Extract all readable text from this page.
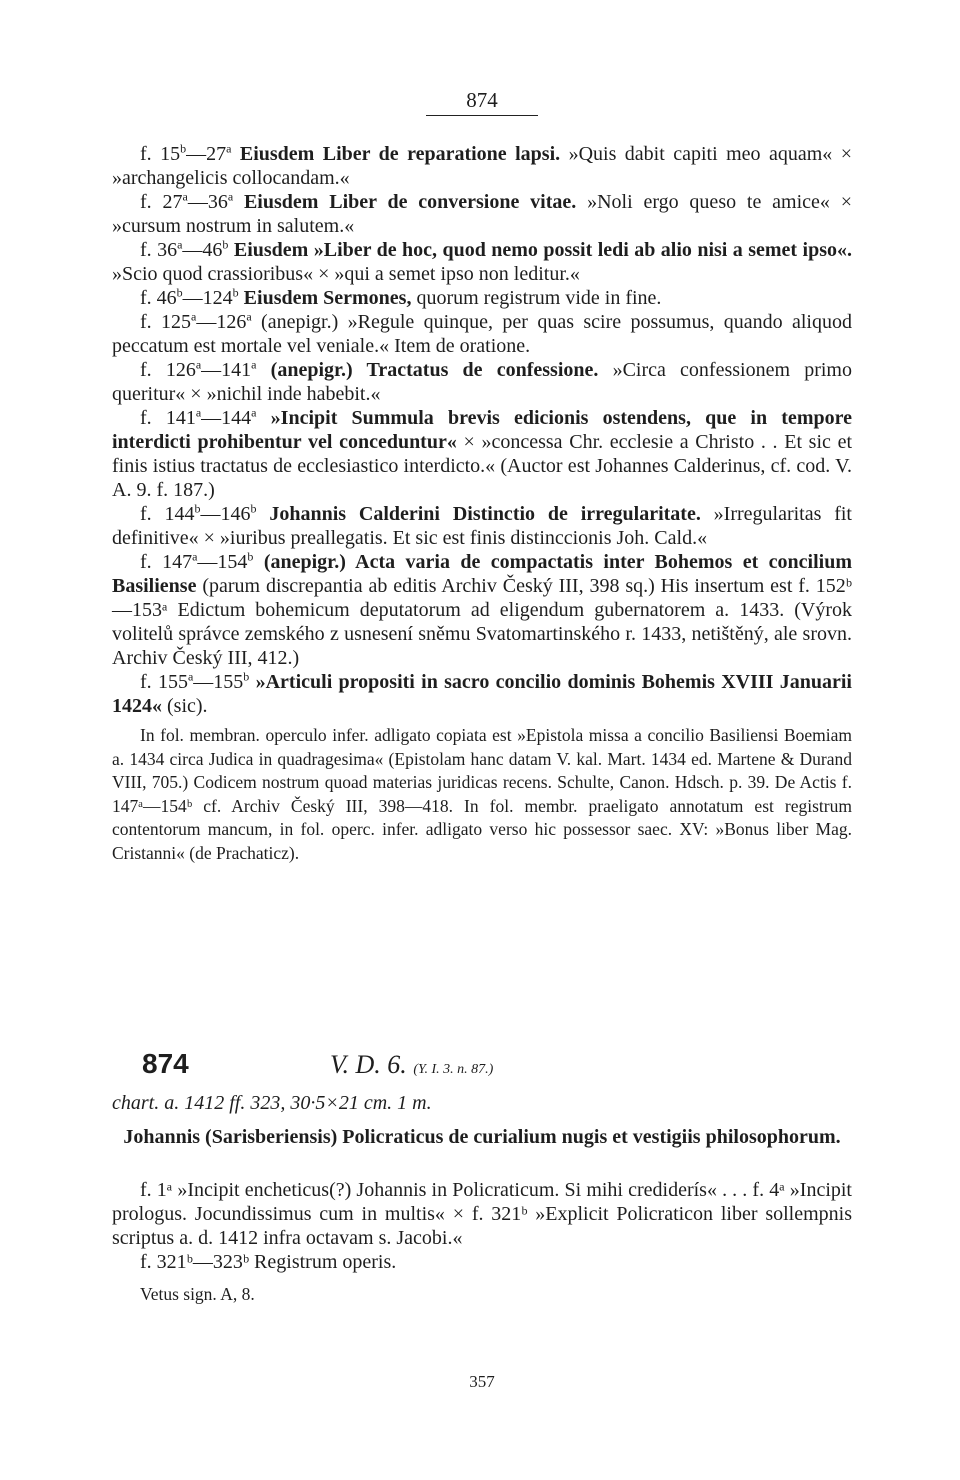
874

f. 15$^b$—27$^a$ Eiusdem Liber de reparatione lapsi. »Quis dabit capiti meo aquam« × »archangelicis collocandam.«

f. 27$^a$—36$^a$ Eiusdem Liber de conversione vitae. »Noli ergo queso te amice« × »cursum nostrum in salutem.«

f. 36$^a$—46$^b$ Eiusdem »Liber de hoc, quod nemo possit ledi ab alio nisi a semet ipso«. »Scio quod crassioribus« × »qui a semet ipso non leditur.«

f. 46$^b$—124$^b$ Eiusdem Sermones, quorum registrum vide in fine.

f. 125$^a$—126$^a$ (anepigr.) »Regule quinque, per quas scire possumus, quando aliquod peccatum est mortale vel veniale.« Item de oratione.

f. 126$^a$—141$^a$ (anepigr.) Tractatus de confessione. »Circa confessionem primo queritur« × »nichil inde habebit.«

f. 141$^a$—144$^a$ »Incipit Summula brevis edicionis ostendens, que in tempore interdicti prohibentur vel conceduntur« × »concessa Chr. ecclesie a Christo . . Et sic et finis istius tractatus de ecclesiastico interdicto.« (Auctor est Johannes Calderinus, cf. cod. V. A. 9. f. 187.)

f. 144$^b$—146$^b$ Johannis Calderini Distinctio de irregularitate. »Irregularitas fit definitive« × »iuribus preallegatis. Et sic est finis distinccionis Joh. Cald.«

f. 147$^a$—154$^b$ (anepigr.) Acta varia de compactatis inter Bohemos et concilium Basiliense (parum discrepantia ab editis Archiv Český III, 398 sq.) His insertum est f. 152ᵇ—153ᵃ Edictum bohemicum deputatorum ad eligendum gubernatorem a. 1433. (Výrok volitelů správce zemského z usnesení sněmu Svatomartinského r. 1433, netištěný, ale srovn. Archiv Český III, 412.)

f. 155$^a$—155$^b$ »Articuli propositi in sacro concilio dominis Bohemis XVIII Januarii 1424« (sic).

In fol. membran. operculo infer. adligato copiata est »Epistola missa a concilio Basiliensi Boemiam a. 1434 circa Judica in quadragesima« (Epistolam hanc datam V. kal. Mart. 1434 ed. Martene & Durand VIII, 705.) Codicem nostrum quoad materias juridicas recens. Schulte, Canon. Hdsch. p. 39. De Actis f. 147ᵃ—154ᵇ cf. Archiv Český III, 398—418. In fol. membr. praeligato annotatum est registrum contentorum mancum, in fol. operc. infer. adligato verso hic possessor saec. XV: »Bonus liber Mag. Cristanni« (de Prachaticz).

874	V. D. 6. (Y. I. 3. n. 87.)
chart. a. 1412 ff. 323, 30·5×21 cm. 1 m.
Johannis (Sarisberiensis) Policraticus de curialium nugis et vestigiis philosophorum.

f. 1ᵃ »Incipit encheticus(?) Johannis in Policraticum. Si mihi crediderís« . . . f. 4ᵃ »Incipit prologus. Jocundissimus cum in multis« × f. 321ᵇ »Explicit Policraticon liber sollempnis scriptus a. d. 1412 infra octavam s. Jacobi.«

f. 321ᵇ—323ᵇ Registrum operis.

Vetus sign. A, 8.

357
